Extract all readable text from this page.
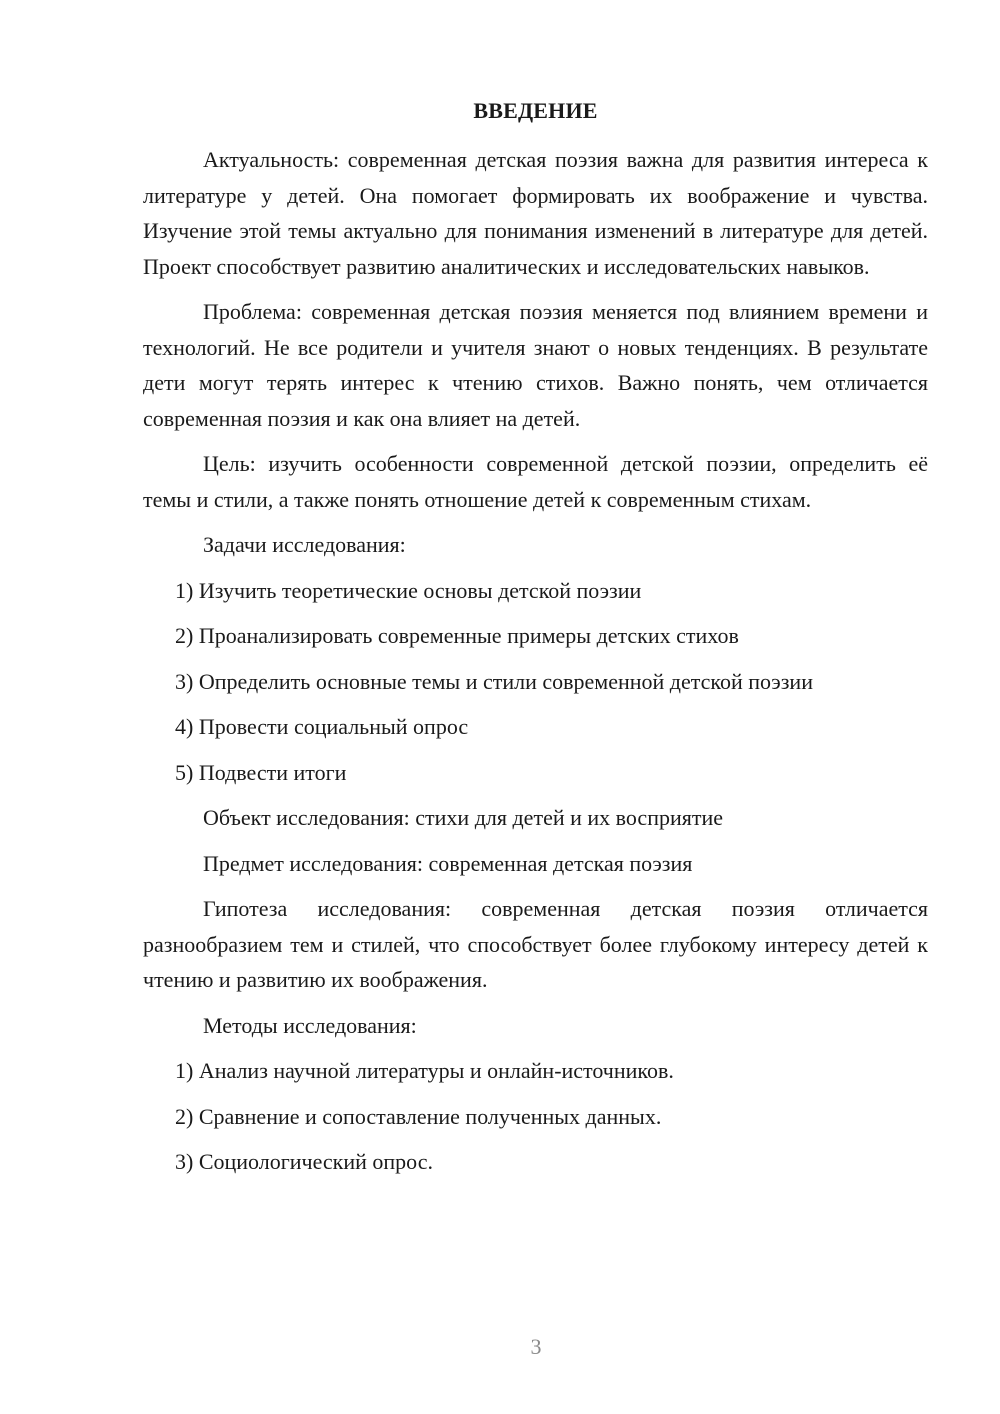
ВВЕДЕНИЕ

Актуальность: современная детская поэзия важна для развития интереса к литературе у детей. Она помогает формировать их воображение и чувства. Изучение этой темы актуально для понимания изменений в литературе для детей. Проект способствует развитию аналитических и исследовательских навыков.

Проблема: современная детская поэзия меняется под влиянием времени и технологий. Не все родители и учителя знают о новых тенденциях. В результате дети могут терять интерес к чтению стихов. Важно понять, чем отличается современная поэзия и как она влияет на детей.

Цель: изучить особенности современной детской поэзии, определить её темы и стили, а также понять отношение детей к современным стихам.

Задачи исследования:
1) Изучить теоретические основы детской поэзии
2) Проанализировать современные примеры детских стихов
3) Определить основные темы и стили современной детской поэзии
4) Провести социальный опрос
5) Подвести итоги
Объект исследования: стихи для детей и их восприятие
Предмет исследования: современная детская поэзия

Гипотеза исследования: современная детская поэзия отличается разнообразием тем и стилей, что способствует более глубокому интересу детей к чтению и развитию их воображения.

Методы исследования:
1) Анализ научной литературы и онлайн-источников.
2) Сравнение и сопоставление полученных данных.
3) Социологический опрос.
3
